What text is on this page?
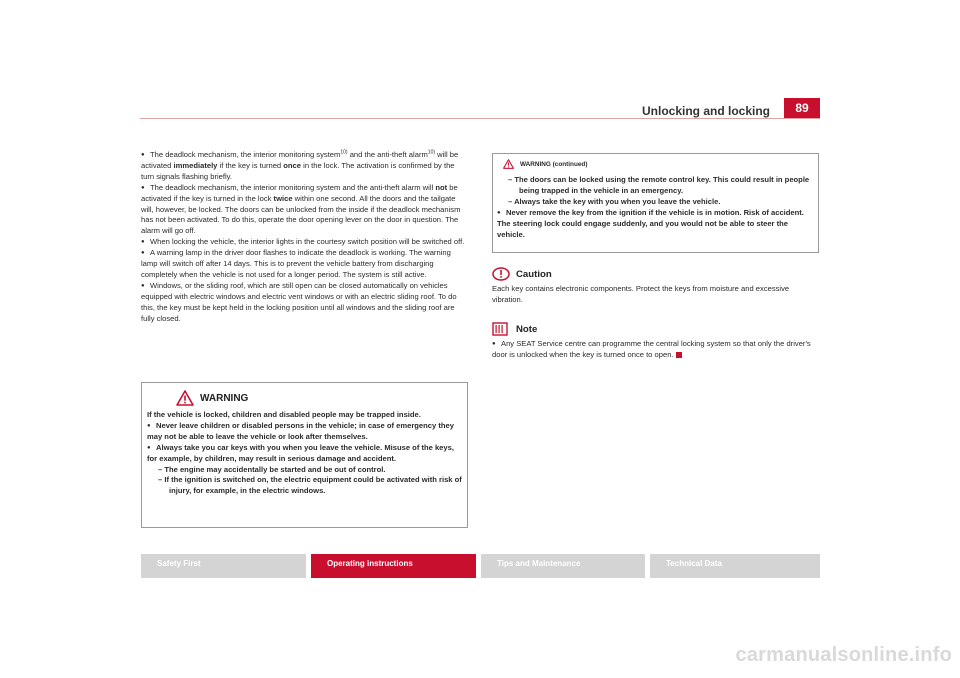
Unlocking and locking	89

● The deadlock mechanism, the interior monitoring system$^{10)}$ and the anti-theft alarm$^{10)}$ will be activated immediately if the key is turned once in the lock. The activation is confirmed by the turn signals flashing briefly.

● The deadlock mechanism, the interior monitoring system and the anti-theft alarm will not be activated if the key is turned in the lock twice within one second. All the doors and the tailgate will, however, be locked. The doors can be unlocked from the inside if the deadlock mechanism has not been activated. To do this, operate the door opening lever on the door in question. The alarm will go off.

● When locking the vehicle, the interior lights in the courtesy switch position will be switched off.

● A warning lamp in the driver door flashes to indicate the deadlock is working. The warning lamp will switch off after 14 days. This is to prevent the vehicle battery from discharging completely when the vehicle is not used for a longer period. The system is still active.

● Windows, or the sliding roof, which are still open can be closed automatically on vehicles equipped with electric windows and electric vent windows or with an electric sliding roof. To do this, the key must be kept held in the locking position until all windows and the sliding roof are fully closed.

WARNING

If the vehicle is locked, children and disabled people may be trapped inside.

● Never leave children or disabled persons in the vehicle; in case of emergency they may not be able to leave the vehicle or look after themselves.

● Always take you car keys with you when you leave the vehicle. Misuse of the keys, for example, by children, may result in serious damage and accident.

– The engine may accidentally be started and be out of control.

– If the ignition is switched on, the electric equipment could be activated with risk of injury, for example, in the electric windows.

WARNING (continued)

– The doors can be locked using the remote control key. This could result in people being trapped in the vehicle in an emergency.

– Always take the key with you when you leave the vehicle.

● Never remove the key from the ignition if the vehicle is in motion. Risk of accident. The steering lock could engage suddenly, and you would not be able to steer the vehicle.

Caution

Each key contains electronic components. Protect the keys from moisture and excessive vibration.

Note

● Any SEAT Service centre can programme the central locking system so that only the driver's door is unlocked when the key is turned once to open.

Safety First	Operating instructions	Tips and Maintenance	Technical Data
carmanualsonline.info
